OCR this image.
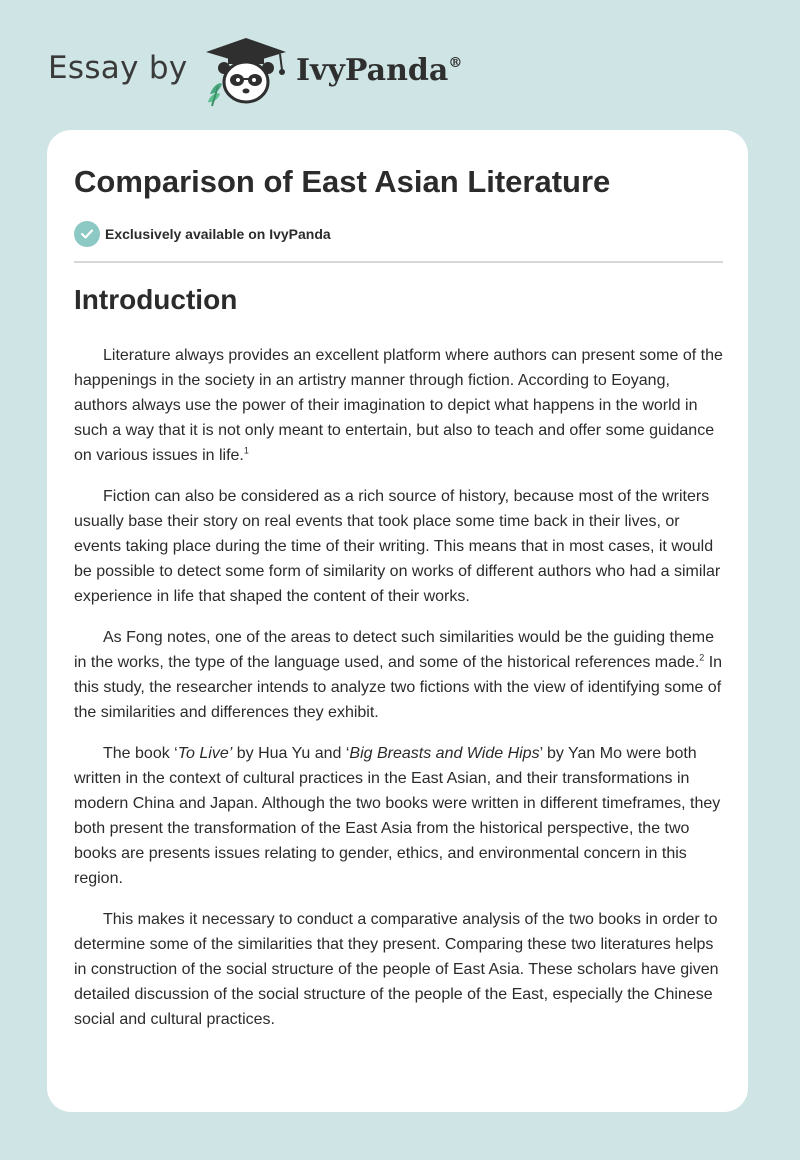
Essay by	IvyPanda®
Comparison of East Asian Literature
Exclusively available on IvyPanda
Introduction

Literature always provides an excellent platform where authors can present some of the happenings in the society in an artistry manner through fiction. According to Eoyang, authors always use the power of their imagination to depict what happens in the world in such a way that it is not only meant to entertain, but also to teach and offer some guidance on various issues in life.$^1$

Fiction can also be considered as a rich source of history, because most of the writers usually base their story on real events that took place some time back in their lives, or events taking place during the time of their writing. This means that in most cases, it would be possible to detect some form of similarity on works of different authors who had a similar experience in life that shaped the content of their works.

As Fong notes, one of the areas to detect such similarities would be the guiding theme in the works, the type of the language used, and some of the historical references made.$^2$ In this study, the researcher intends to analyze two fictions with the view of identifying some of the similarities and differences they exhibit.

The book ‘To Live’ by Hua Yu and ‘Big Breasts and Wide Hips’ by Yan Mo were both written in the context of cultural practices in the East Asian, and their transformations in modern China and Japan. Although the two books were written in different timeframes, they both present the transformation of the East Asia from the historical perspective, the two books are presents issues relating to gender, ethics, and environmental concern in this region.

This makes it necessary to conduct a comparative analysis of the two books in order to determine some of the similarities that they present. Comparing these two literatures helps in construction of the social structure of the people of East Asia. These scholars have given detailed discussion of the social structure of the people of the East, especially the Chinese social and cultural practices.
